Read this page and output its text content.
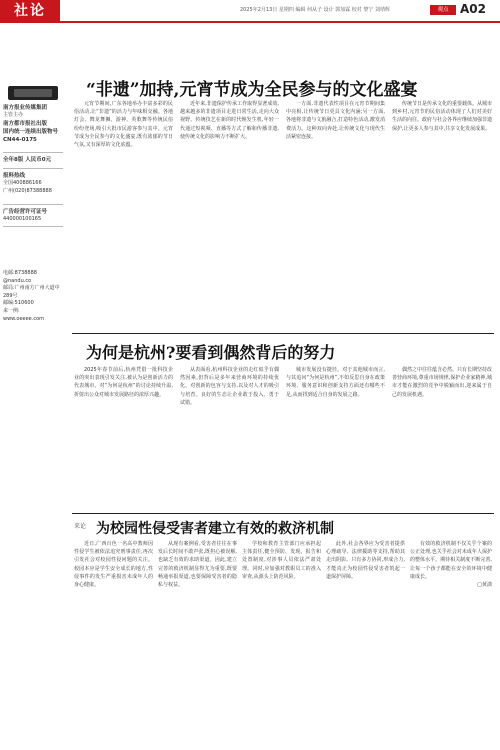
社论	2025年2月13日 星期四 编辑 何从子 设计 郭加霖 校对 黎宁 刘靖辉	观点 A02
南方报业传媒集团
主管主办
南方都市报社出版
国内统一连续出版物号
CN44-0175
全年8版 人民币0元
报料热线
全国400886166
广州(020)87388888
广告经营许可证号
440000100165
电邮:8738888
@nandu.co
邮局:广州南方广州大道中289号
邮编:510600
来一例:
www.oeeee.com
“非遗”加持,元宵节成为全民参与的文化盛宴

元宵节期间,广东各地举办丰富多彩的民俗活动,让“非遗”的活力与年味相交融。各地灯会、舞龙舞狮、游神、英歌舞等传统民俗纷纷登场,吸引大批市民游客参与其中。元宵节成为全民参与的文化盛宴,既有浓郁的节日气氛,又有深厚的文化底蕴。

近年来,非遗保护传承工作取得显著成效,越来越多的非遗项目走进日常生活,走向大众视野。传统技艺在新的时代焕发生机,年轻一代通过短视频、直播等方式了解和传播非遗,使传统文化的影响力不断扩大。

一方面,非遗代表性项目在元宵节期间集中亮相,让传统节日更具文化内涵;另一方面,各地将非遗与文旅融合,打造特色活动,激发消费活力。这种双向奔赴,让传统文化与现代生活紧密连接。

传统节日是传承文化的重要载体。从城市到乡村,元宵节的民俗活动体现了人们对美好生活的向往。政府与社会各界应继续加强非遗保护,让更多人参与其中,共享文化发展成果。

为何是杭州?要看到偶然背后的努力

2025年春节前后,杭州凭借一批科技企业的突出表现引发关注,被认为是创新活力的代表城市。对“为何是杭州”的讨论持续升温,折射出公众对城市发展路径的浓厚兴趣。

从表面看,杭州科技企业的走红似乎有偶然因素,但背后是多年来营商环境的持续优化、对创新的包容与支持,以及对人才的吸引与培育。良好的生态让企业敢于投入、勇于试错。

城市发展没有捷径。对于其他城市而言,与其追问“为何是杭州”,不如反思自身在政策环境、服务意识和创新支持方面还有哪些不足,从而找到适合自身的发展之路。

偶然之中往往蕴含必然。只有长期坚持改善营商环境,尊重市场规律,保护企业家精神,城市才能在激烈的竞争中脱颖而出,迎来属于自己的发展机遇。

来论 为校园性侵受害者建立有效的救济机制

近日,广西百色一名高中教师因性侵学生被依法追究刑事责任,再次引发社会对校园性侵问题的关注。校园本应是学生安全成长的地方,性侵事件的发生严重损害未成年人的身心健康。

从现有案例看,受害者往往在事发后长时间不敢声张,既担心被误解,也缺乏有效的求助渠道。因此,建立完善的救济机制显得尤为重要,既要畅通举报渠道,也要保障受害者的隐私与权益。

学校和教育主管部门应承担起主体责任,健全预防、发现、报告和处置制度,对涉事人员依法严肃处理。同时,应加强对教职员工的准入审查,从源头上防范风险。

此外,社会各界应为受害者提供心理疏导、法律援助等支持,帮助其走出阴影。只有多方协同,形成合力,才能真正为校园性侵受害者筑起一道保护屏障。

有效的救济机制不仅关乎个案的公正处理,也关乎社会对未成年人保护的整体水平。期待相关制度不断完善,让每一个孩子都能在安全的环境中健康成长。

□黄潇
